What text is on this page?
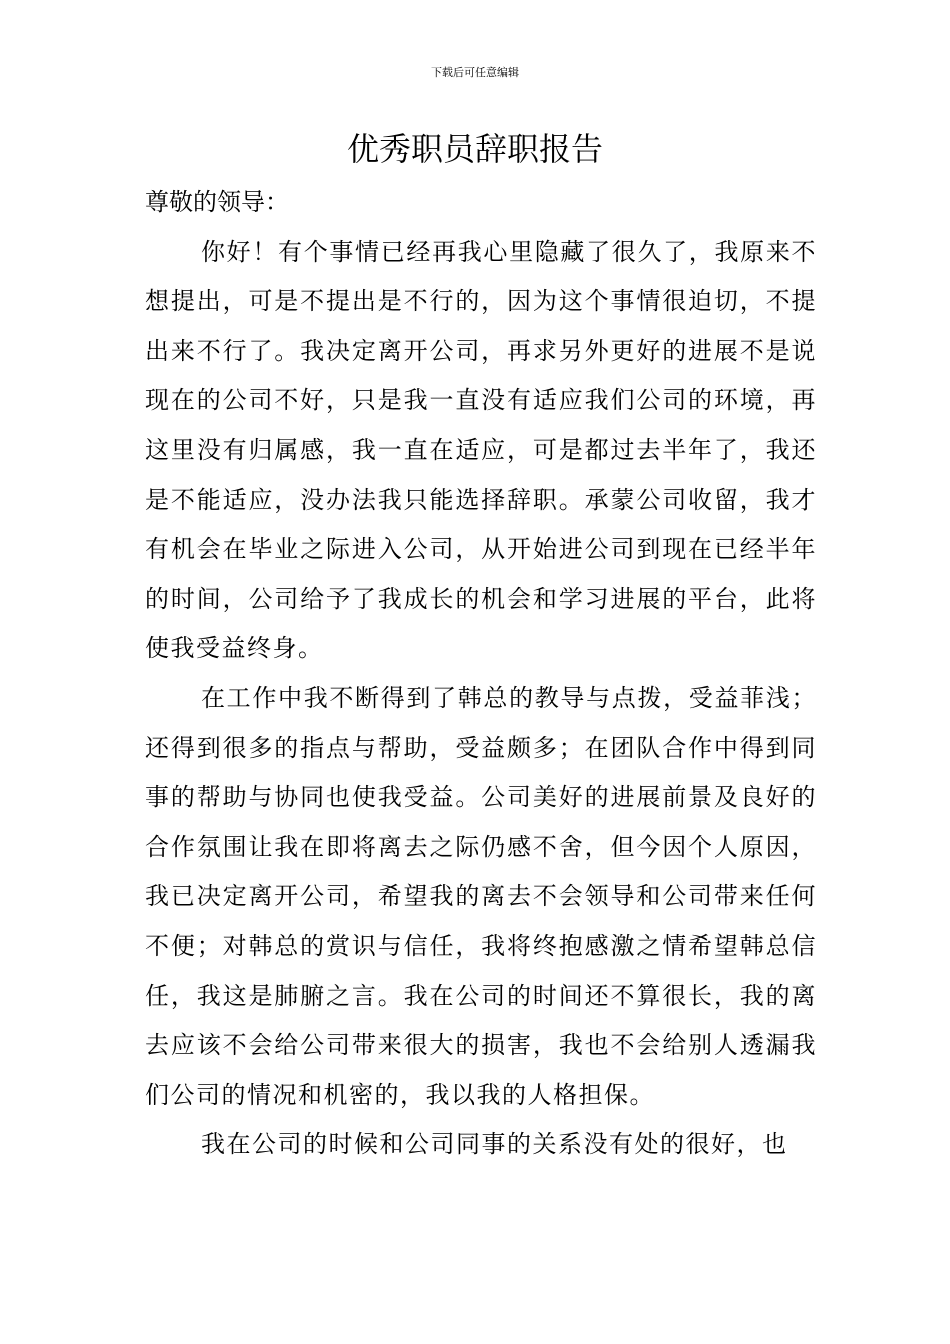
下载后可任意编辑
优秀职员辞职报告

尊敬的领导：

你好！有个事情已经再我心里隐藏了很久了，我原来不想提出，可是不提出是不行的，因为这个事情很迫切，不提出来不行了。我决定离开公司，再求另外更好的进展不是说现在的公司不好，只是我一直没有适应我们公司的环境，再这里没有归属感，我一直在适应，可是都过去半年了，我还是不能适应，没办法我只能选择辞职。承蒙公司收留，我才有机会在毕业之际进入公司，从开始进公司到现在已经半年的时间，公司给予了我成长的机会和学习进展的平台，此将使我受益终身。

在工作中我不断得到了韩总的教导与点拨，受益菲浅；还得到很多的指点与帮助，受益颇多；在团队合作中得到同事的帮助与协同也使我受益。公司美好的进展前景及良好的合作氛围让我在即将离去之际仍感不舍，但今因个人原因，我已决定离开公司，希望我的离去不会领导和公司带来任何不便；对韩总的赏识与信任，我将终抱感激之情希望韩总信任，我这是肺腑之言。我在公司的时间还不算很长，我的离去应该不会给公司带来很大的损害，我也不会给别人透漏我们公司的情况和机密的，我以我的人格担保。

我在公司的时候和公司同事的关系没有处的很好，也
